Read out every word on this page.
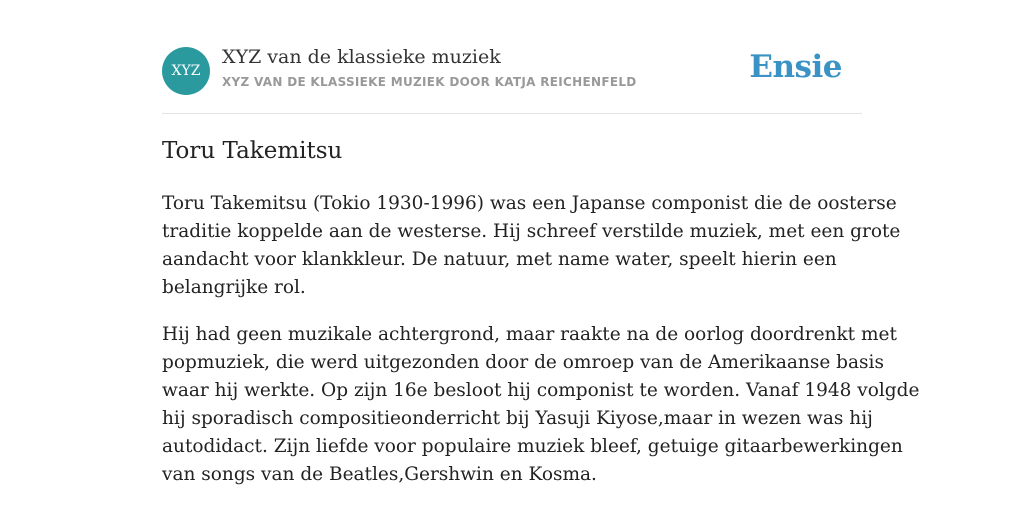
XYZ
XYZ van de klassieke muziek
XYZ VAN DE KLASSIEKE MUZIEK DOOR KATJA REICHENFELD	Ensie
Toru Takemitsu

Toru Takemitsu (Tokio 1930-1996) was een Japanse componist die de oosterse
traditie koppelde aan de westerse. Hij schreef verstilde muziek, met een grote
aandacht voor klankkleur. De natuur, met name water, speelt hierin een
belangrijke rol.

Hij had geen muzikale achtergrond, maar raakte na de oorlog doordrenkt met
popmuziek, die werd uitgezonden door de omroep van de Amerikaanse basis
waar hij werkte. Op zijn 16e besloot hij componist te worden. Vanaf 1948 volgde
hij sporadisch compositieonderricht bij Yasuji Kiyose,maar in wezen was hij
autodidact. Zijn liefde voor populaire muziek bleef, getuige gitaarbewerkingen
van songs van de Beatles,Gershwin en Kosma.
